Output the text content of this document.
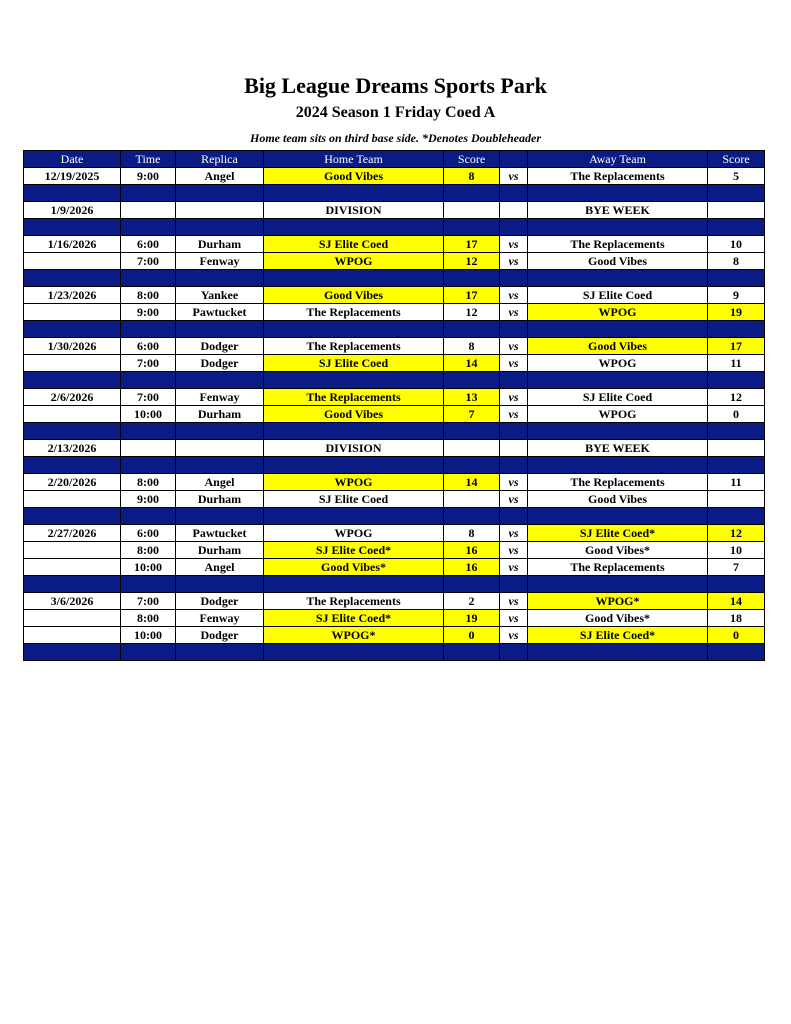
Big League Dreams Sports Park
2024 Season 1 Friday Coed A
Home team sits on third base side. *Denotes Doubleheader
Date	Time	Replica	Home Team	Score		Away Team	Score
12/19/2025	9:00	Angel	Good Vibes	8	vs	The Replacements	5

1/9/2026			DIVISION			BYE WEEK	

1/16/2026	6:00	Durham	SJ Elite Coed	17	vs	The Replacements	10
	7:00	Fenway	WPOG	12	vs	Good Vibes	8

1/23/2026	8:00	Yankee	Good Vibes	17	vs	SJ Elite Coed	9
	9:00	Pawtucket	The Replacements	12	vs	WPOG	19

1/30/2026	6:00	Dodger	The Replacements	8	vs	Good Vibes	17
	7:00	Dodger	SJ Elite Coed	14	vs	WPOG	11

2/6/2026	7:00	Fenway	The Replacements	13	vs	SJ Elite Coed	12
	10:00	Durham	Good Vibes	7	vs	WPOG	0

2/13/2026			DIVISION			BYE WEEK	

2/20/2026	8:00	Angel	WPOG	14	vs	The Replacements	11
	9:00	Durham	SJ Elite Coed		vs	Good Vibes	

2/27/2026	6:00	Pawtucket	WPOG	8	vs	SJ Elite Coed*	12
	8:00	Durham	SJ Elite Coed*	16	vs	Good Vibes*	10
	10:00	Angel	Good Vibes*	16	vs	The Replacements	7

3/6/2026	7:00	Dodger	The Replacements	2	vs	WPOG*	14
	8:00	Fenway	SJ Elite Coed*	19	vs	Good Vibes*	18
	10:00	Dodger	WPOG*	0	vs	SJ Elite Coed*	0
